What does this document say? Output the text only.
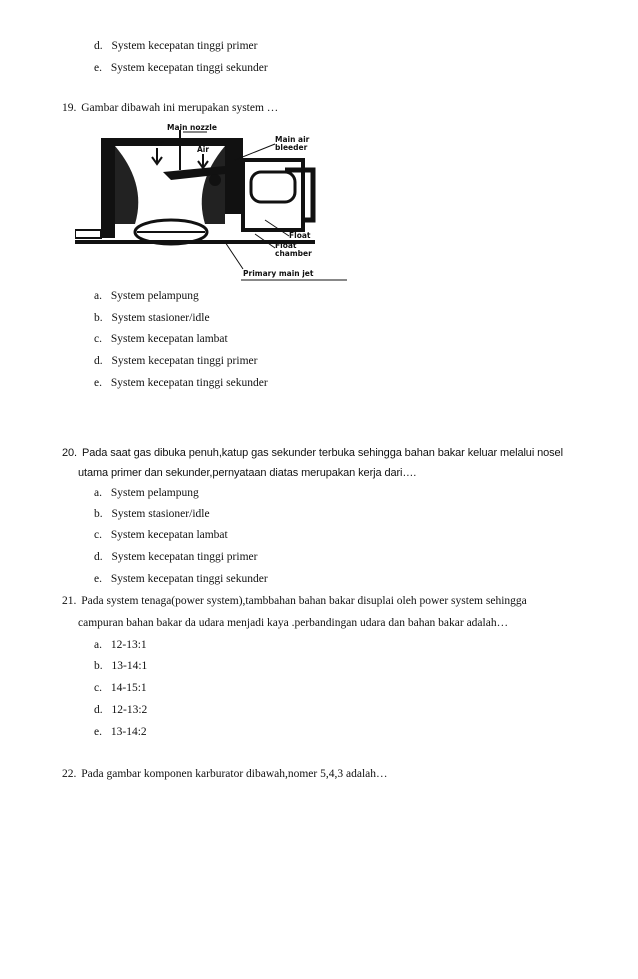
d. System kecepatan tinggi primer
e. System kecepatan tinggi sekunder
19. Gambar dibawah ini merupakan system …
Main nozzle
Main air
bleeder
Air
Air
Float
Float
chamber
Primary main jet
a. System pelampung
b. System stasioner/idle
c. System kecepatan lambat
d. System kecepatan tinggi primer
e. System kecepatan tinggi sekunder
20. Pada saat gas dibuka penuh,katup gas sekunder terbuka sehingga bahan bakar keluar melalui nosel
utama primer dan sekunder,pernyataan diatas merupakan kerja dari….
a. System pelampung
b. System stasioner/idle
c. System kecepatan lambat
d. System kecepatan tinggi primer
e. System kecepatan tinggi sekunder
21. Pada system tenaga(power system),tambbahan bahan bakar disuplai oleh power system sehingga
campuran bahan bakar da udara menjadi kaya .perbandingan udara dan bahan bakar adalah…
a. 12-13:1
b. 13-14:1
c. 14-15:1
d. 12-13:2
e. 13-14:2
22. Pada gambar komponen karburator dibawah,nomer 5,4,3 adalah…
